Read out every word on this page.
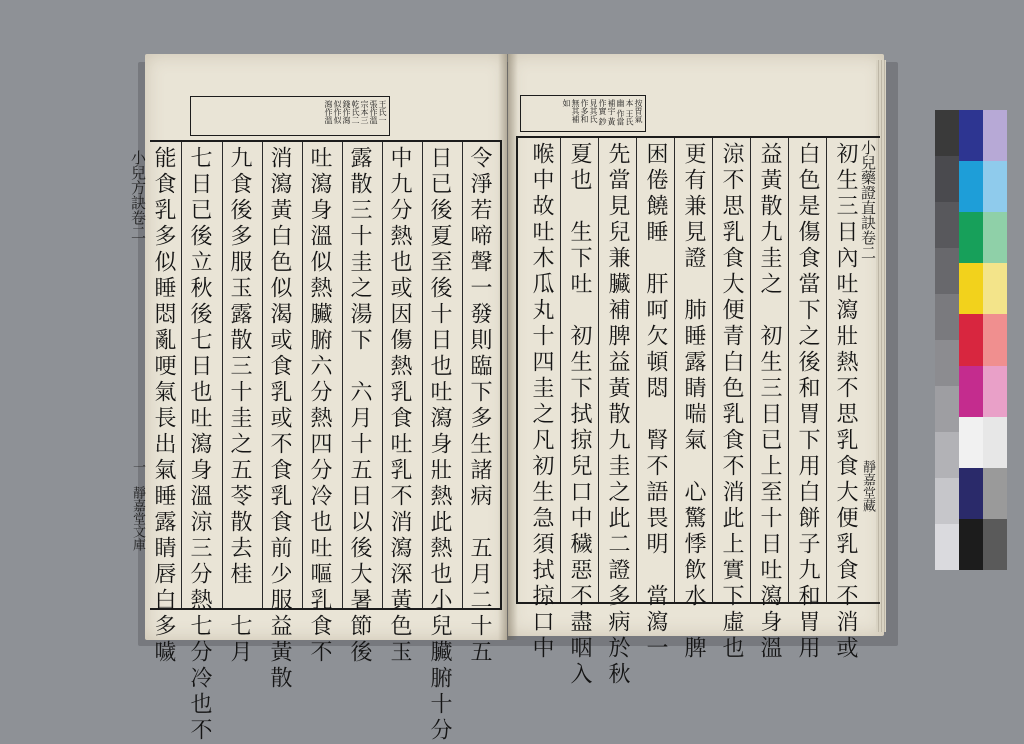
王氏一 張作溫 宗本三 乾氏二 錢作瀉 似作似 瀉作溫	按胃氣本 王氏幽 作當補宇 黃作實 鈔見其氏 作多和 無其補如
令淨若啼聲一發則臨下多生諸病　五月二十五
日已後夏至後十日也吐瀉身壯熱此熱也小兒臟腑十分
中九分熱也或因傷熱乳食吐乳不消瀉深黃色玉
露散三十圭之湯下　六月十五日以後大暑節後
吐瀉身溫似熱臟腑六分熱四分冷也吐嘔乳食不
消瀉黃白色似渴或食乳或不食乳食前少服益黃散
九食後多服玉露散三十圭之五苓散去桂　七月
七日已後立秋後七日也吐瀉身溫涼三分熱七分冷也不
能食乳多似睡悶亂哽氣長出氣睡露睛唇白多噦
小兒方訣卷二
一　靜嘉堂文庫	初生三日內吐瀉壯熱不思乳食大便乳食不消或
白色是傷食當下之後和胃下用白餅子九和胃用
益黃散九圭之　初生三日已上至十日吐瀉身溫
涼不思乳食大便青白色乳食不消此上實下虛也
更有兼見證　肺睡露睛喘氣　心驚悸飲水　脾
困倦饒睡　肝呵欠頓悶　腎不語畏明　當瀉一
先當見兒兼臟補脾益黃散九圭之此二證多病於秋
夏也　生下吐　初生下拭掠兒口中穢惡不盡咽入
喉中故吐木瓜丸十四圭之凡初生急須拭掠口中	小兒藥證直訣卷二
靜嘉堂藏
